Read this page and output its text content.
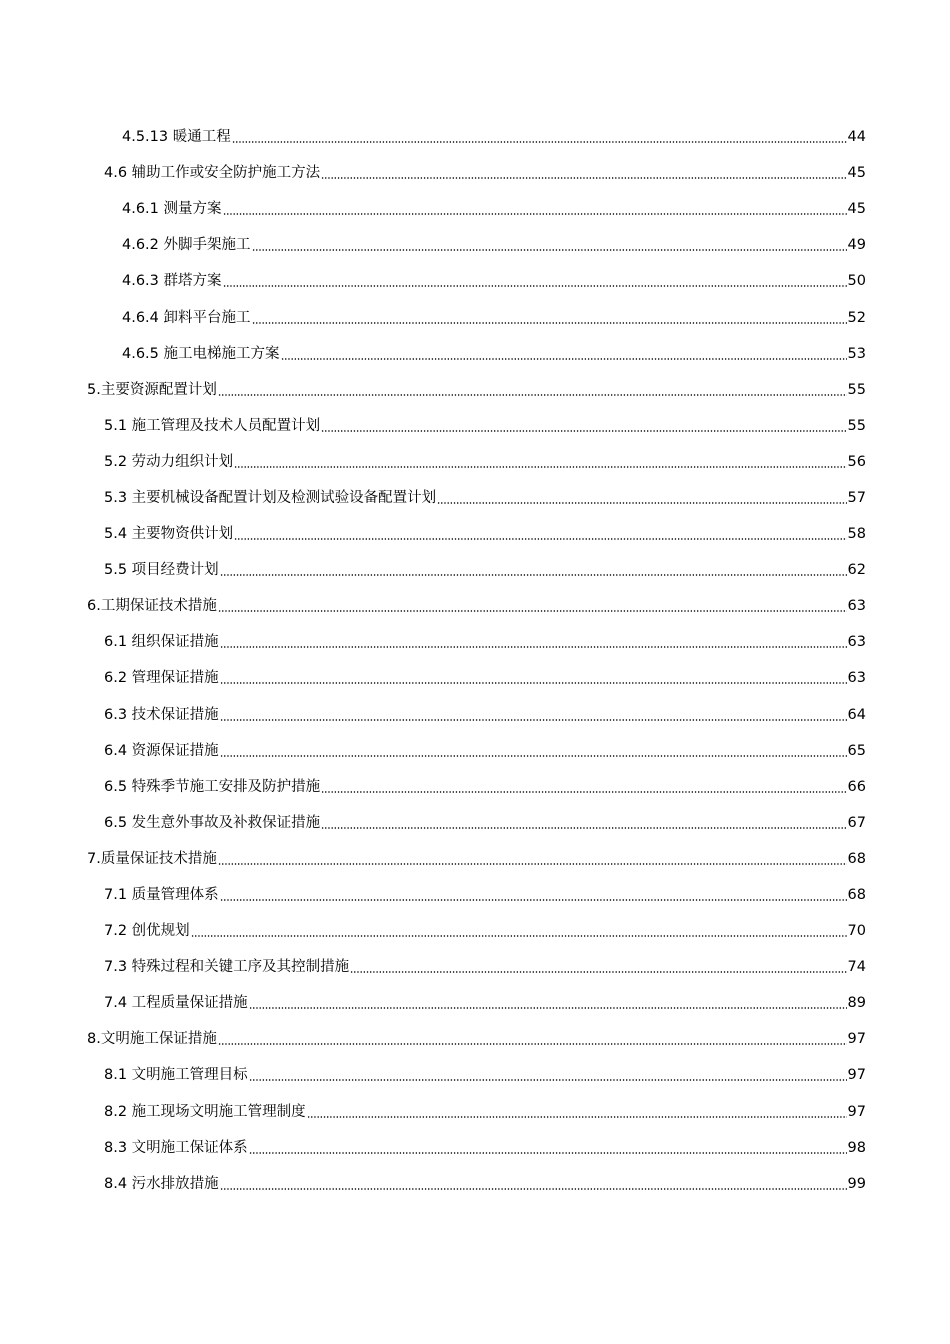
4.5.13 暖通工程	44
4.6 辅助工作或安全防护施工方法	45
4.6.1 测量方案	45
4.6.2 外脚手架施工	49
4.6.3 群塔方案	50
4.6.4 卸料平台施工	52
4.6.5 施工电梯施工方案	53
5.主要资源配置计划	55
5.1 施工管理及技术人员配置计划	55
5.2 劳动力组织计划	56
5.3 主要机械设备配置计划及检测试验设备配置计划	57
5.4 主要物资供计划	58
5.5 项目经费计划	62
6.工期保证技术措施	63
6.1 组织保证措施	63
6.2 管理保证措施	63
6.3 技术保证措施	64
6.4 资源保证措施	65
6.5 特殊季节施工安排及防护措施	66
6.5 发生意外事故及补救保证措施	67
7.质量保证技术措施	68
7.1 质量管理体系	68
7.2 创优规划	70
7.3 特殊过程和关键工序及其控制措施	74
7.4 工程质量保证措施	89
8.文明施工保证措施	97
8.1 文明施工管理目标	97
8.2 施工现场文明施工管理制度	97
8.3 文明施工保证体系	98
8.4 污水排放措施	99
